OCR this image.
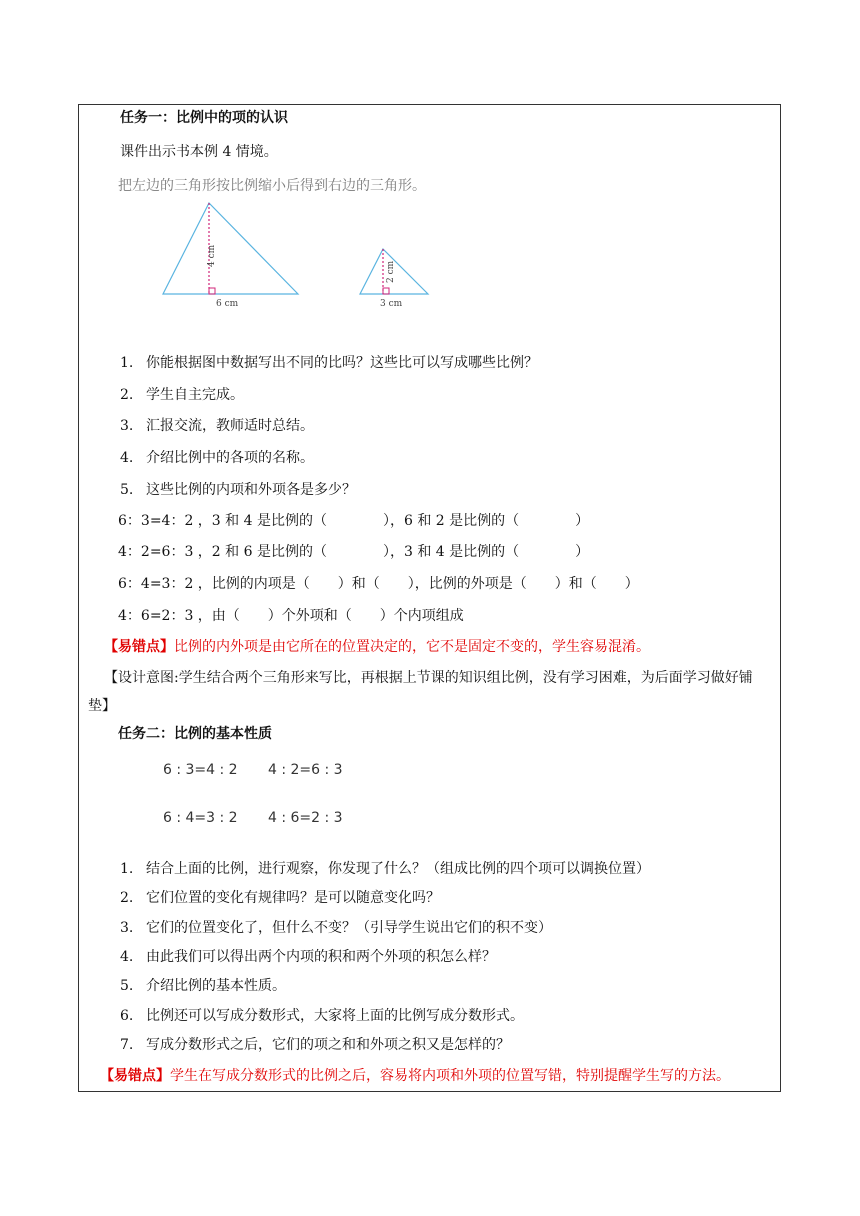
任务一：比例中的项的认识
课件出示书本例 4 情境。
把左边的三角形按比例缩小后得到右边的三角形。
4 cm
6 cm
2 cm
3 cm
1. 你能根据图中数据写出不同的比吗？这些比可以写成哪些比例？
2. 学生自主完成。
3. 汇报交流，教师适时总结。
4. 介绍比例中的各项的名称。
5. 这些比例的内项和外项各是多少？
6：3=4：2 ，3 和 4 是比例的（　　　　），6 和 2 是比例的（　　　　）
4：2=6：3 ，2 和 6 是比例的（　　　　），3 和 4 是比例的（　　　　）
6：4=3：2 ，比例的内项是（　　）和（　　），比例的外项是（　　）和（　　）
4：6=2：3 ，由（　　）个外项和（　　）个内项组成
【易错点】比例的内外项是由它所在的位置决定的，它不是固定不变的，学生容易混淆。
【设计意图:学生结合两个三角形来写比，再根据上节课的知识组比例，没有学习困难，为后面学习做好铺垫】
任务二：比例的基本性质
6 : 3=4 : 2 4 : 2=6 : 3
6 : 4=3 : 2 4 : 6=2 : 3
1. 结合上面的比例，进行观察，你发现了什么？（组成比例的四个项可以调换位置）
2. 它们位置的变化有规律吗？是可以随意变化吗？
3. 它们的位置变化了，但什么不变？（引导学生说出它们的积不变）
4. 由此我们可以得出两个内项的积和两个外项的积怎么样？
5. 介绍比例的基本性质。
6. 比例还可以写成分数形式，大家将上面的比例写成分数形式。
7. 写成分数形式之后，它们的项之和和外项之积又是怎样的？
【易错点】学生在写成分数形式的比例之后，容易将内项和外项的位置写错，特别提醒学生写的方法。
